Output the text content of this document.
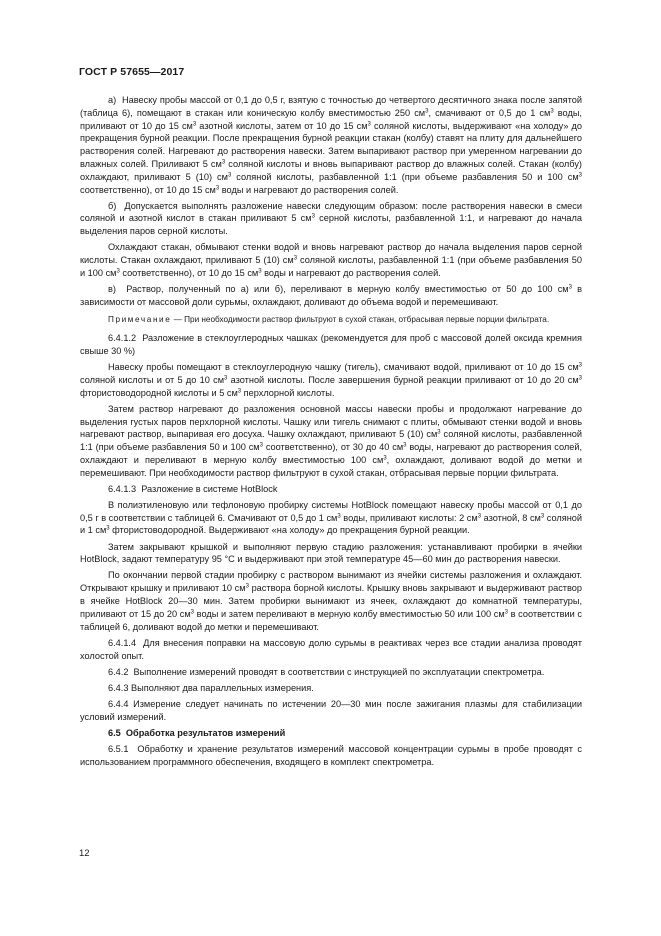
ГОСТ Р 57655—2017

а)  Навеску пробы массой от 0,1 до 0,5 г, взятую с точностью до четвертого десятичного знака после запятой (таблица 6), помещают в стакан или коническую колбу вместимостью 250 $см^3$, смачивают от 0,5 до 1 $см^3$ воды, приливают от 10 до 15 $см^3$ азотной кислоты, затем от 10 до 15 $см^3$ соляной кислоты, выдерживают «на холоду» до прекращения бурной реакции. После прекращения бурной реакции стакан (колбу) ставят на плиту для дальнейшего растворения солей. Нагревают до растворения навески. Затем выпаривают раствор при умеренном нагревании до влажных солей. Приливают 5 $см^3$ соляной кислоты и вновь выпаривают раствор до влажных солей. Стакан (колбу) охлаждают, приливают 5 (10) $см^3$ соляной кислоты, разбавленной 1:1 (при объеме разбавления 50 и 100 $см^3$ соответственно), от 10 до 15 $см^3$ воды и нагревают до растворения солей.

б)  Допускается выполнять разложение навески следующим образом: после растворения навески в смеси соляной и азотной кислот в стакан приливают 5 $см^3$ серной кислоты, разбавленной 1:1, и нагревают до начала выделения паров серной кислоты.

Охлаждают стакан, обмывают стенки водой и вновь нагревают раствор до начала выделения паров серной кислоты. Стакан охлаждают, приливают 5 (10) $см^3$ соляной кислоты, разбавленной 1:1 (при объеме разбавления 50 и 100 $см^3$ соответственно), от 10 до 15 $см^3$ воды и нагревают до растворения солей.

в)  Раствор, полученный по а) или б), переливают в мерную колбу вместимостью от 50 до 100 $см^3$ в зависимости от массовой доли сурьмы, охлаждают, доливают до объема водой и перемешивают.

Примечание — При необходимости раствор фильтруют в сухой стакан, отбрасывая первые порции фильтрата.

6.4.1.2  Разложение в стеклоуглеродных чашках (рекомендуется для проб с массовой долей оксида кремния свыше 30 %)

Навеску пробы помещают в стеклоуглеродную чашку (тигель), смачивают водой, приливают от 10 до 15 $см^3$ соляной кислоты и от 5 до 10 $см^3$ азотной кислоты. После завершения бурной реакции приливают от 10 до 20 $см^3$ фтористоводородной кислоты и 5 $см^3$ перхлорной кислоты.

Затем раствор нагревают до разложения основной массы навески пробы и продолжают нагревание до выделения густых паров перхлорной кислоты. Чашку или тигель снимают с плиты, обмывают стенки водой и вновь нагревают раствор, выпаривая его досуха. Чашку охлаждают, приливают 5 (10) $см^3$ соляной кислоты, разбавленной 1:1 (при объеме разбавления 50 и 100 $см^3$ соответственно), от 30 до 40 $см^3$ воды, нагревают до растворения солей, охлаждают и переливают в мерную колбу вместимостью 100 $см^3$, охлаждают, доливают водой до метки и перемешивают. При необходимости раствор фильтруют в сухой стакан, отбрасывая первые порции фильтрата.

6.4.1.3  Разложение в системе HotBlock

В полиэтиленовую или тефлоновую пробирку системы HotBlock помещают навеску пробы массой от 0,1 до 0,5 г в соответствии с таблицей 6. Смачивают от 0,5 до 1 $см^3$ воды, приливают кислоты: 2 $см^3$ азотной, 8 $см^3$ соляной и 1 $см^3$ фтористоводородной. Выдерживают «на холоду» до прекращения бурной реакции.

Затем закрывают крышкой и выполняют первую стадию разложения: устанавливают пробирки в ячейки HotBlock, задают температуру 95 °С и выдерживают при этой температуре 45—60 мин до растворения навески.

По окончании первой стадии пробирку с раствором вынимают из ячейки системы разложения и охлаждают. Открывают крышку и приливают 10 $см^3$ раствора борной кислоты. Крышку вновь закрывают и выдерживают раствор в ячейке HotBlock 20—30 мин. Затем пробирки вынимают из ячеек, охлаждают до комнатной температуры, приливают от 15 до 20 $см^3$ воды и затем переливают в мерную колбу вместимостью 50 или 100 $см^3$ в соответствии с таблицей 6, доливают водой до метки и перемешивают.

6.4.1.4  Для внесения поправки на массовую долю сурьмы в реактивах через все стадии анализа проводят холостой опыт.

6.4.2  Выполнение измерений проводят в соответствии с инструкцией по эксплуатации спектрометра.

6.4.3 Выполняют два параллельных измерения.

6.4.4 Измерение следует начинать по истечении 20—30 мин после зажигания плазмы для стабилизации условий измерений.

6.5  Обработка результатов измерений

6.5.1  Обработку и хранение результатов измерений массовой концентрации сурьмы в пробе проводят с использованием программного обеспечения, входящего в комплект спектрометра.

12
